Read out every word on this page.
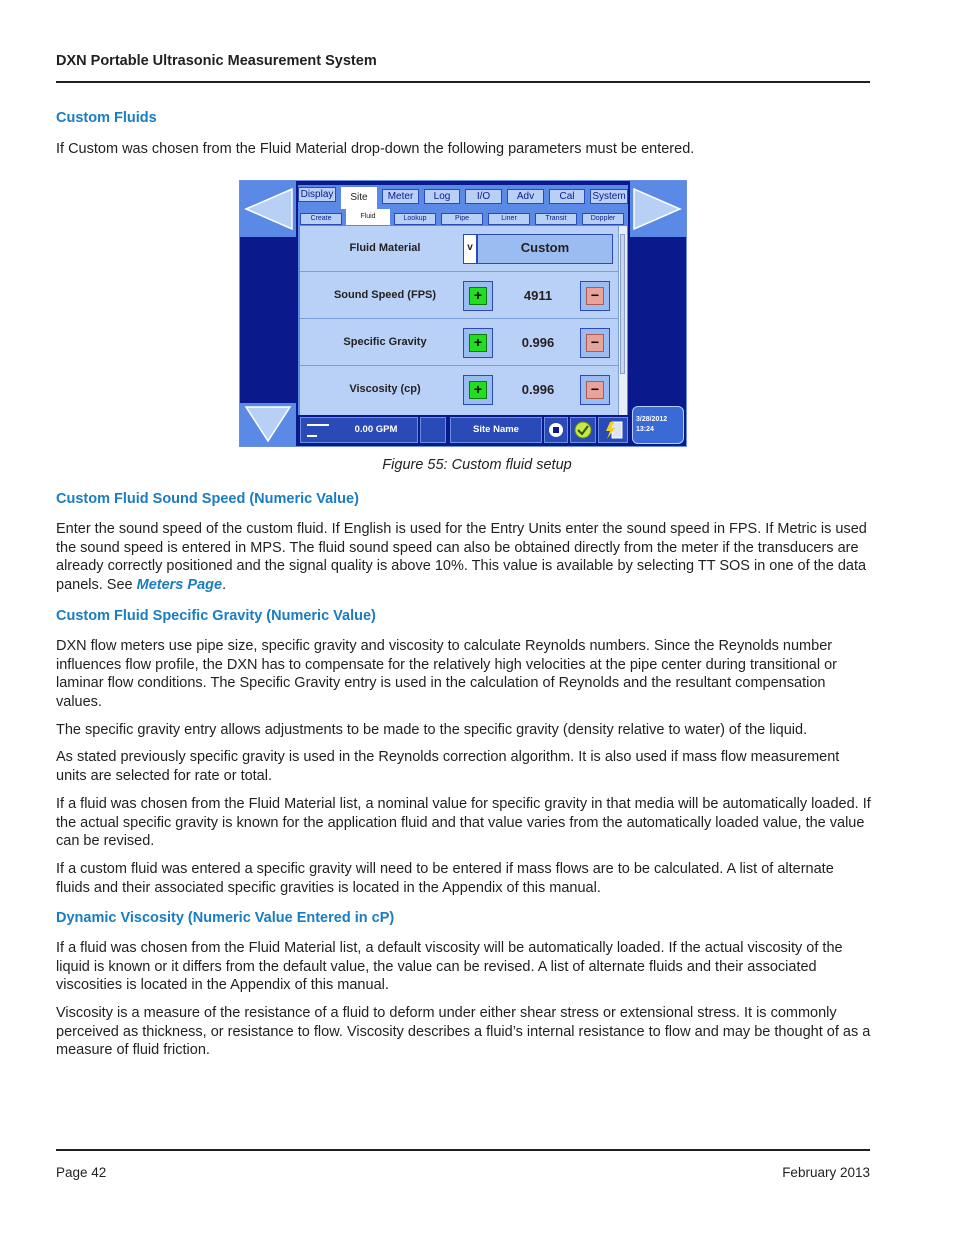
DXN Portable Ultrasonic Measurement System
Custom Fluids

If Custom was chosen from the Fluid Material drop-down the following parameters must be entered.

Display	Site	Meter	Log	I/O	Adv	Cal	System
Create	Fluid	Lookup	Pipe	Liner	Transit	Doppler
Fluid Material	v	Custom
Sound Speed (FPS)	+	4911	−
Specific Gravity	+	0.996	−
Viscosity (cp)	+	0.996	−
0.00 GPM	Site Name
3/28/2012
13:24
Figure 55: Custom fluid setup
Custom Fluid Sound Speed (Numeric Value)

Enter the sound speed of the custom fluid. If English is used for the Entry Units enter the sound speed in FPS. If Metric is used the sound speed is entered in MPS. The fluid sound speed can also be obtained directly from the meter if the transducers are already correctly positioned and the signal quality is above 10%. This value is available by selecting TT SOS in one of the data panels. See Meters Page.

Custom Fluid Specific Gravity (Numeric Value)

DXN flow meters use pipe size, specific gravity and viscosity to calculate Reynolds numbers. Since the Reynolds number influences flow profile, the DXN has to compensate for the relatively high velocities at the pipe center during transitional or laminar flow conditions. The Specific Gravity entry is used in the calculation of Reynolds and the resultant compensation values.

The specific gravity entry allows adjustments to be made to the specific gravity (density relative to water) of the liquid.

As stated previously specific gravity is used in the Reynolds correction algorithm. It is also used if mass flow measurement units are selected for rate or total.

If a fluid was chosen from the Fluid Material list, a nominal value for specific gravity in that media will be automatically loaded. If the actual specific gravity is known for the application fluid and that value varies from the automatically loaded value, the value can be revised.

If a custom fluid was entered a specific gravity will need to be entered if mass flows are to be calculated. A list of alternate fluids and their associated specific gravities is located in the Appendix of this manual.

Dynamic Viscosity (Numeric Value Entered in cP)

If a fluid was chosen from the Fluid Material list, a default viscosity will be automatically loaded. If the actual viscosity of the liquid is known or it differs from the default value, the value can be revised. A list of alternate fluids and their associated viscosities is located in the Appendix of this manual.

Viscosity is a measure of the resistance of a fluid to deform under either shear stress or extensional stress. It is commonly perceived as thickness, or resistance to flow. Viscosity describes a fluid’s internal resistance to flow and may be thought of as a measure of fluid friction.

Page 42	February 2013
